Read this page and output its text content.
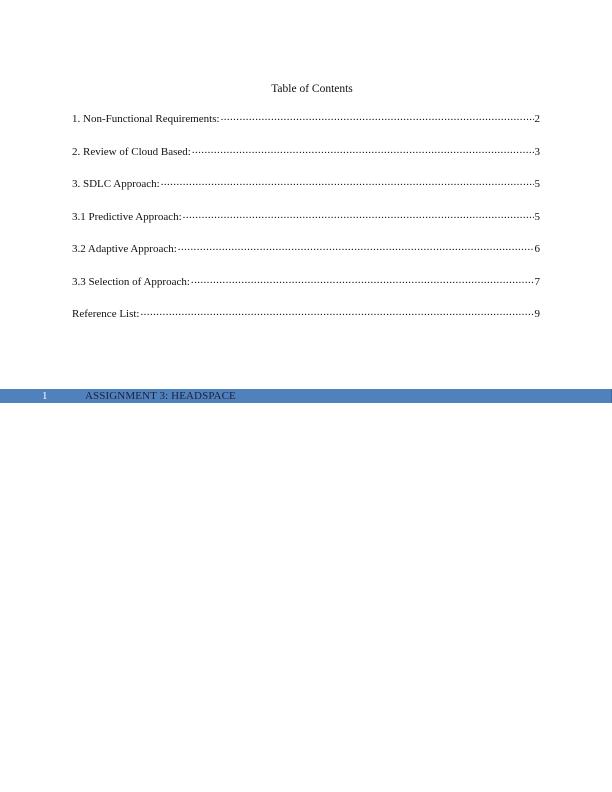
Table of Contents
1. Non-Functional Requirements: .....	2
2. Review of Cloud Based: .....	3
3. SDLC Approach: .....	5
3.1 Predictive Approach: .....	5
3.2 Adaptive Approach: .....	6
3.3 Selection of Approach: .....	7
Reference List: .....	9
1	ASSIGNMENT 3: HEADSPACE
